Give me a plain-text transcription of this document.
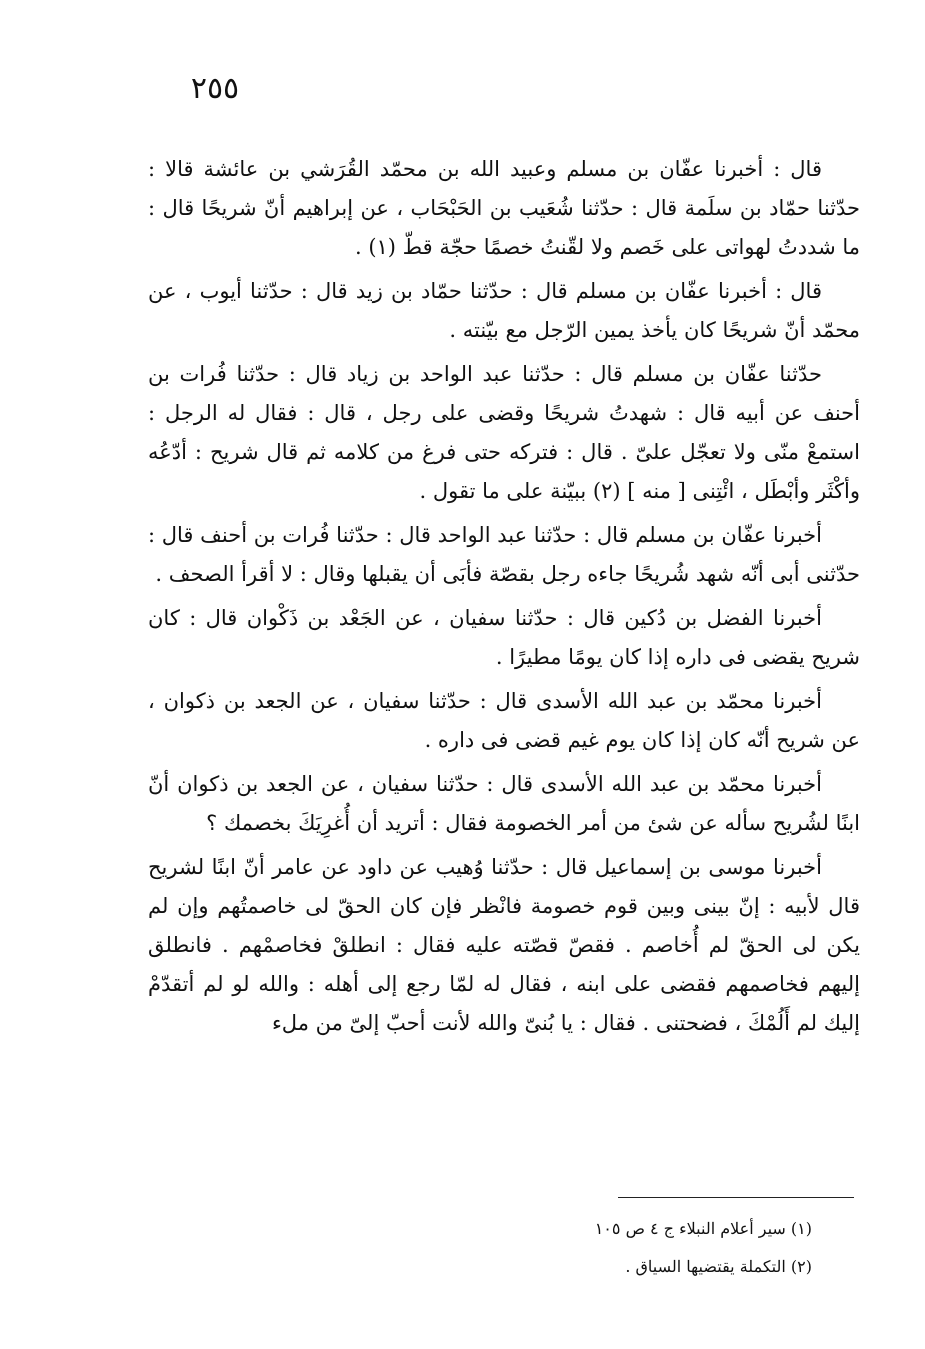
٢٥٥

قال : أخبرنا عفّان بن مسلم وعبيد الله بن محمّد القُرَشي بن عائشة قالا : حدّثنا حمّاد بن سلَمة قال : حدّثنا شُعَيب بن الحَبْحَاب ، عن إبراهيم أنّ شريحًا قال : ما شددتُ لهواتى على خَصم ولا لقّنتُ خصمًا حجّة قطّ (١) .

قال : أخبرنا عفّان بن مسلم قال : حدّثنا حمّاد بن زيد قال : حدّثنا أيوب ، عن محمّد أنّ شريحًا كان يأخذ يمين الرّجل مع بيّنته .

حدّثنا عفّان بن مسلم قال : حدّثنا عبد الواحد بن زياد قال : حدّثنا فُرات بن أحنف عن أبيه قال : شهدتُ شريحًا وقضى على رجل ، قال : فقال له الرجل : استمعْ منّى ولا تعجّل علىّ . قال : فتركه حتى فرغ من كلامه ثم قال شريح : أدّعُه وأكْثَر وأبْطَل ، ائْتِنى [ منه ] (٢) ببيّنة على ما تقول .

أخبرنا عفّان بن مسلم قال : حدّثنا عبد الواحد قال : حدّثنا فُرات بن أحنف قال : حدّثنى أبى أنّه شهد شُريحًا جاءه رجل بقصّة فأبَى أن يقبلها وقال : لا أقرأ الصحف .

أخبرنا الفضل بن دُكين قال : حدّثنا سفيان ، عن الجَعْد بن ذَكْوان قال : كان شريح يقضى فى داره إذا كان يومًا مطيرًا .

أخبرنا محمّد بن عبد الله الأسدى قال : حدّثنا سفيان ، عن الجعد بن ذكوان ، عن شريح أنّه كان إذا كان يوم غيم قضى فى داره .

أخبرنا محمّد بن عبد الله الأسدى قال : حدّثنا سفيان ، عن الجعد بن ذكوان أنّ ابنًا لشُريح سأله عن شئ من أمر الخصومة فقال : أتريد أن أُغرِيَكَ بخصمك ؟

أخبرنا موسى بن إسماعيل قال : حدّثنا وُهيب عن داود عن عامر أنّ ابنًا لشريح قال لأبيه : إنّ بينى وبين قوم خصومة فانْظر فإن كان الحقّ لى خاصمتُهم وإن لم يكن لى الحقّ لم أُخاصم . فقصّ قصّته عليه فقال : انطلقْ فخاصمْهم . فانطلق إليهم فخاصمهم فقضى على ابنه ، فقال له لمّا رجع إلى أهله : والله لو لم أتقدّمْ إليك لم أَلُمْكَ ، فضحتنى . فقال : يا بُنىّ والله لأنت أحبّ إلىّ من ملء

(١) سير أعلام النبلاء ج ٤ ص ١٠٥

(٢) التكملة يقتضيها السياق .
